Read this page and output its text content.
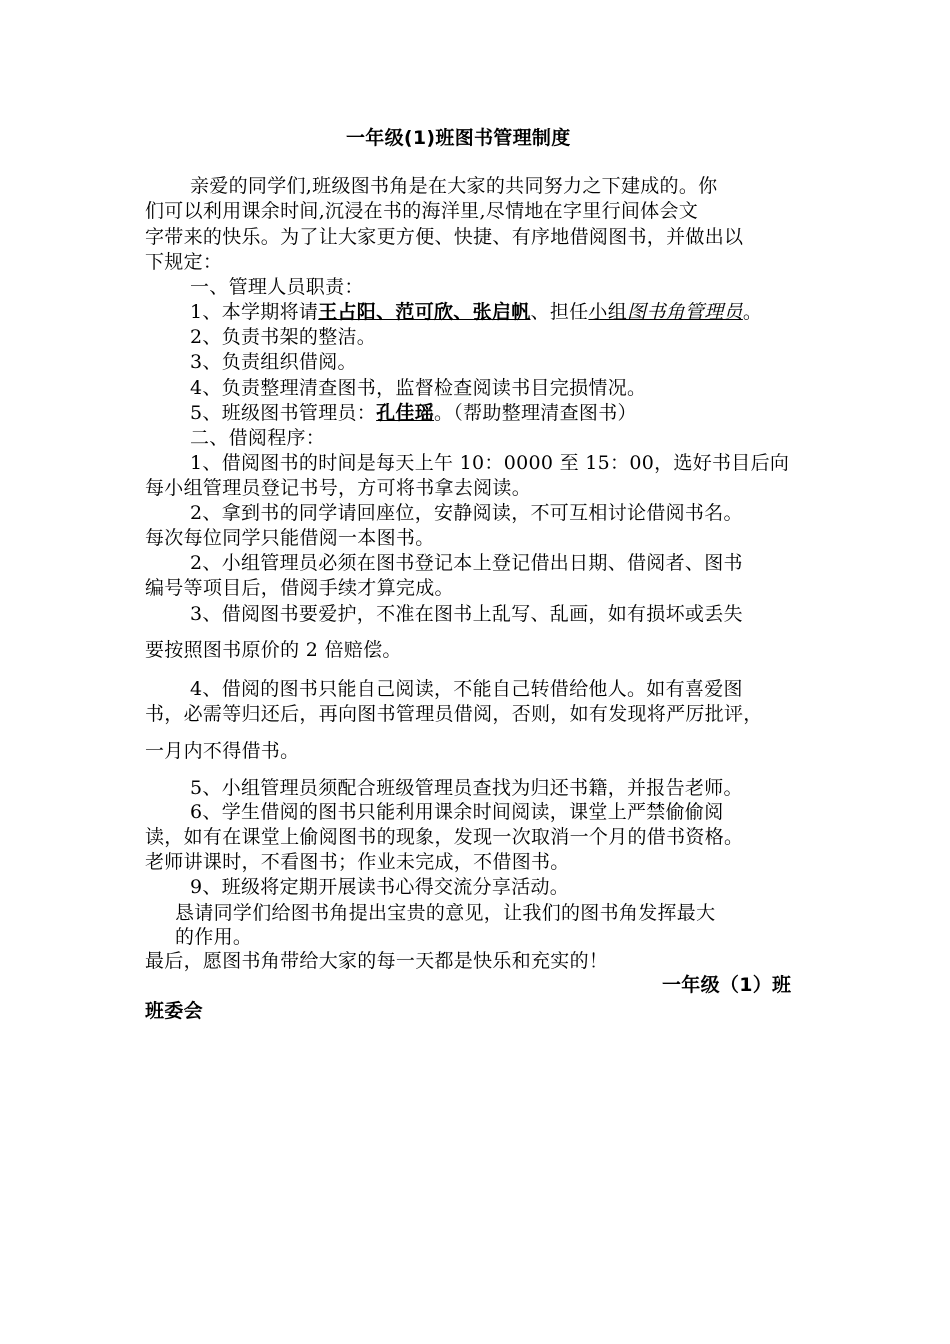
一年级(1)班图书管理制度
亲爱的同学们,班级图书角是在大家的共同努力之下建成的。你
们可以利用课余时间,沉浸在书的海洋里,尽情地在字里行间体会文
字带来的快乐。为了让大家更方便、快捷、有序地借阅图书，并做出以
下规定：
一、管理人员职责：
1、本学期将请王占阳、范可欣、张启帆、担任小组图书角管理员。
2、负责书架的整洁。
3、负责组织借阅。
4、负责整理清查图书，监督检查阅读书目完损情况。
5、班级图书管理员：孔佳瑶。（帮助整理清查图书）
二、借阅程序：
1、借阅图书的时间是每天上午 10：0000 至 15：00，选好书目后向
每小组管理员登记书号，方可将书拿去阅读。
2、拿到书的同学请回座位，安静阅读，不可互相讨论借阅书名。
每次每位同学只能借阅一本图书。
2、小组管理员必须在图书登记本上登记借出日期、借阅者、图书
编号等项目后，借阅手续才算完成。
3、借阅图书要爱护，不准在图书上乱写、乱画，如有损坏或丢失
要按照图书原价的 2 倍赔偿。
4、借阅的图书只能自己阅读，不能自己转借给他人。如有喜爱图
书，必需等归还后，再向图书管理员借阅，否则，如有发现将严厉批评，
一月内不得借书。
5、小组管理员须配合班级管理员查找为归还书籍，并报告老师。
6、学生借阅的图书只能利用课余时间阅读，课堂上严禁偷偷阅
读，如有在课堂上偷阅图书的现象，发现一次取消一个月的借书资格。
老师讲课时，不看图书；作业未完成，不借图书。
9、班级将定期开展读书心得交流分享活动。
恳请同学们给图书角提出宝贵的意见，让我们的图书角发挥最大
的作用。
最后，愿图书角带给大家的每一天都是快乐和充实的！
一年级（1）班
班委会
